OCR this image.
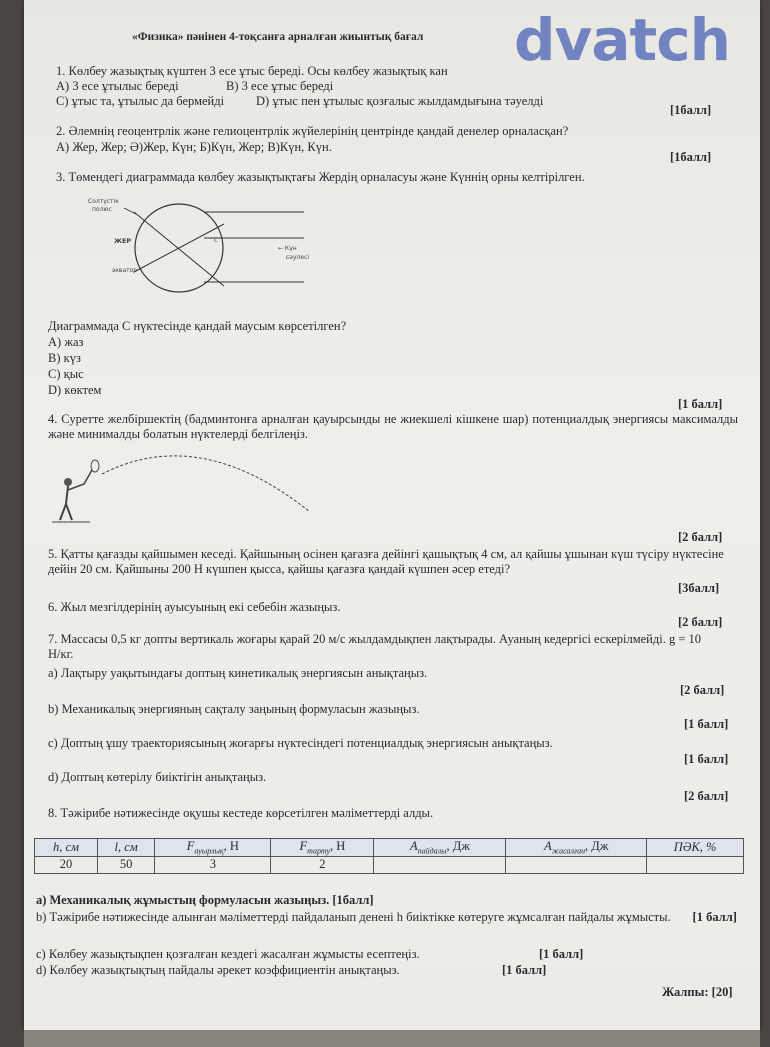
«Физика» пәнінен 4-тоқсанға арналған жиынтық бағал dvatch
1. Көлбеу жазықтық күштен 3 есе ұтыс береді. Осы көлбеу жазықтық кан
А) 3 есе ұтылыс береді	В) 3 есе ұтыс береді
С) ұтыс та, ұтылыс да бермейді	D) ұтыс пен ұтылыс қозғалыс жылдамдығына тәуелді
[1балл]
2. Әлемнің геоцентрлік және гелиоцентрлік жүйелерінің центрінде қандай денелер орналасқан?
А) Жер, Жер; Ә)Жер, Күн; Б)Күн, Жер; В)Күн, Күн.
[1балл]
3. Төмендегі диаграммада көлбеу жазықтықтағы Жердің орналасуы және Күннің орны келтірілген.
Солтүстік
полюс
ЖЕР
экватор
← Күн
сәулесі
C
Диаграммада С нүктесінде қандай маусым көрсетілген?
А) жаз
В) күз
С) қыс
D) көктем
[1 балл]
4. Суретте желбіршектің (бадминтонға арналған қауырсынды не жиекшелі кішкене шар) потенциалдық энергиясы максималды және минималды болатын нүктелерді белгілеңіз.
[2 балл]
5. Қатты қағазды қайшымен кеседі. Қайшының осінен қағазға дейінгі қашықтық 4 см, ал қайшы ұшынан күш түсіру нүктесіне дейін 20 см. Қайшыны 200 Н күшпен қысса, қайшы қағазға қандай күшпен әсер етеді?
[3балл]
6. Жыл мезгілдерінің ауысуының екі себебін жазыңыз.
[2 балл]
7. Массасы 0,5 кг допты вертикаль жоғары қарай 20 м/с жылдамдықпен лақтырады. Ауаның кедергісі ескерілмейді. g = 10 Н/кг.
a) Лақтыру уақытындағы доптың кинетикалық энергиясын анықтаңыз.
[2 балл]
b) Механикалық энергияның сақталу заңының формуласын жазыңыз.
[1 балл]
c) Доптың ұшу траекториясының жоғарғы нүктесіндегі потенциалдық энергиясын анықтаңыз.
[1 балл]
d) Доптың көтерілу биіктігін анықтаңыз.
[2 балл]
8. Тәжірибе нәтижесінде оқушы кестеде көрсетілген мәліметтерді алды.
a) Механикалық жұмыстың формуласын жазыңыз. [1балл]
b) Тәжірибе нәтижесінде алынған мәліметтерді пайдаланып денені h биіктікке көтеруге жұмсалған пайдалы жұмысты. [1 балл]
c) Көлбеу жазықтықпен қозғалған кездегі жасалған жұмысты есептеңіз.	[1 балл]
d) Көлбеу жазықтықтың пайдалы әрекет коэффициентін анықтаңыз.	[1 балл]
Жалпы: [20]
h, см	l, см	$F_{ауырлық}$, Н	$F_{тарту}$, Н	$A_{пайдалы}$, Дж	$A_{жасалған}$, Дж	ПӘК, %
20	50	3	2			
